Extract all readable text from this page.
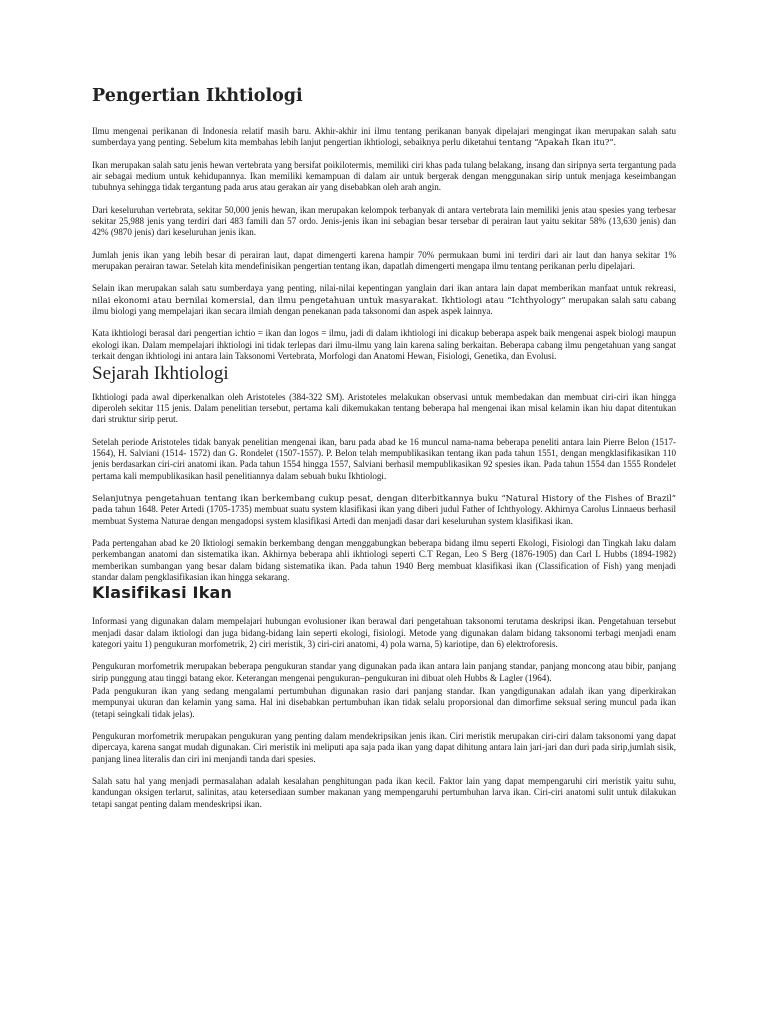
Pengertian Ikhtiologi

Ilmu mengenai perikanan di Indonesia relatif masih baru. Akhir-akhir ini ilmu tentang perikanan banyak dipelajari mengingat ikan merupakan salah satu sumberdaya yang penting. Sebelum kita membahas lebih lanjut pengertian ikhtiologi, sebaiknya perlu diketahui tentang “Apakah Ikan itu?”.

Ikan merupakan salah satu jenis hewan vertebrata yang bersifat poikilotermis, memiliki ciri khas pada tulang belakang, insang dan siripnya serta tergantung pada air sebagai medium untuk kehidupannya. Ikan memiliki kemampuan di dalam air untuk bergerak dengan menggunakan sirip untuk menjaga keseimbangan tubuhnya sehingga tidak tergantung pada arus atau gerakan air yang disebabkan oleh arah angin.

Dari keseluruhan vertebrata, sekitar 50,000 jenis hewan, ikan merupakan kelompok terbanyak di antara vertebrata lain memiliki jenis atau spesies yang terbesar sekitar 25,988 jenis yang terdiri dari 483 famili dan 57 ordo. Jenis-jenis ikan ini sebagian besar tersebar di perairan laut yaitu sekitar 58% (13,630 jenis) dan 42% (9870 jenis) dari keseluruhan jenis ikan.

Jumlah jenis ikan yang lebih besar di perairan laut, dapat dimengerti karena hampir 70% permukaan bumi ini terdiri dari air laut dan hanya sekitar 1% merupakan perairan tawar. Setelah kita mendefinisikan pengertian tentang ikan, dapatlah dimengerti mengapa ilmu tentang perikanan perlu dipelajari.

Selain ikan merupakan salah satu sumberdaya yang penting, nilai-nilai kepentingan yanglain dari ikan antara lain dapat memberikan manfaat untuk rekreasi, nilai ekonomi atau bernilai komersial, dan ilmu pengetahuan untuk masyarakat. Ikhtiologi atau “Ichthyology” merupakan salah satu cabang ilmu biologi yang mempelajari ikan secara ilmiah dengan penekanan pada taksonomi dan aspek aspek lainnya.

Kata ikhtiologi berasal dari pengertian ichtio = ikan dan logos = ilmu, jadi di dalam ikhtiologi ini dicakup beberapa aspek baik mengenai aspek biologi maupun ekologi ikan. Dalam mempelajari ihktiologi ini tidak terlepas dari ilmu-ilmu yang lain karena saling berkaitan. Beberapa cabang ilmu pengetahuan yang sangat terkait dengan ikhtiologi ini antara lain Taksonomi Vertebrata, Morfologi dan Anatomi Hewan, Fisiologi, Genetika, dan Evolusi.

Sejarah Ikhtiologi

Ikhtiologi pada awal diperkenalkan oleh Aristoteles (384-322 SM). Aristoteles melakukan observasi untuk membedakan dan membuat ciri-ciri ikan hingga diperoleh sekitar 115 jenis. Dalam penelitian tersebut, pertama kali dikemukakan tentang beberapa hal mengenai ikan misal kelamin ikan hiu dapat ditentukan dari struktur sirip perut.

Setelah periode Aristoteles tidak banyak penelitian mengenai ikan, baru pada abad ke 16 muncul nama-nama beberapa peneliti antara lain Pierre Belon (1517-1564), H. Salviani (1514- 1572) dan G. Rondelet (1507-1557). P. Belon telah mempublikasikan tentang ikan pada tahun 1551, dengan mengklasifikasikan 110 jenis berdasarkan ciri-ciri anatomi ikan. Pada tahun 1554 hingga 1557, Salviani berhasil mempublikasikan 92 spesies ikan. Pada tahun 1554 dan 1555 Rondelet pertama kali mempublikasikan hasil penelitiannya dalam sebuah buku Ikhtiologi.

Selanjutnya pengetahuan tentang ikan berkembang cukup pesat, dengan diterbitkannya buku “Natural History of the Fishes of Brazil” pada tahun 1648. Peter Artedi (1705-1735) membuat suatu system klasifikasi ikan yang diberi judul Father of Ichthyology. Akhirnya Carolus Linnaeus berhasil membuat Systema Naturae dengan mengadopsi system klasifikasi Artedi dan menjadi dasar dari keseluruhan system klasifikasi ikan.

Pada pertengahan abad ke 20 Iktiologi semakin berkembang dengan menggabungkan beberapa bidang ilmu seperti Ekologi, Fisiologi dan Tingkah laku dalam perkembangan anatomi dan sistematika ikan. Akhirnya beberapa ahli ikhtiologi seperti C.T Regan, Leo S Berg (1876-1905) dan Carl L Hubbs (1894-1982) memberikan sumbangan yang besar dalam bidang sistematika ikan. Pada tahun 1940 Berg membuat klasifikasi ikan (Classification of Fish) yang menjadi standar dalam pengklasifikasian ikan hingga sekarang.

Klasifikasi Ikan

Informasi yang digunakan dalam mempelajari hubungan evolusioner ikan berawal dari pengetahuan taksonomi terutama deskripsi ikan. Pengetahuan tersebut menjadi dasar dalam iktiologi dan juga bidang-bidang lain seperti ekologi, fisiologi. Metode yang digunakan dalam bidang taksonomi terbagi menjadi enam kategori yaitu 1) pengukuran morfometrik, 2) ciri meristik, 3) ciri-ciri anatomi, 4) pola warna, 5) kariotipe, dan 6) elektroforesis.

Pengukuran morfometrik merupakan beberapa pengukuran standar yang digunakan pada ikan antara lain panjang standar, panjang moncong atau bibir, panjang sirip punggung atau tinggi batang ekor. Keterangan mengenai pengukuran–pengukuran ini dibuat oleh Hubbs & Lagler (1964).

Pada pengukuran ikan yang sedang mengalami pertumbuhan digunakan rasio dari panjang standar. Ikan yangdigunakan adalah ikan yang diperkirakan mempunyai ukuran dan kelamin yang sama. Hal ini disebabkan pertumbuhan ikan tidak selalu proporsional dan dimorfime seksual sering muncul pada ikan (tetapi seingkali tidak jelas).

Pengukuran morfometrik merupakan pengukuran yang penting dalam mendekripsikan jenis ikan. Ciri meristik merupakan ciri-ciri dalam taksonomi yang dapat dipercaya, karena sangat mudah digunakan. Ciri meristik ini meliputi apa saja pada ikan yang dapat dihitung antara lain jari-jari dan duri pada sirip,jumlah sisik, panjang linea literalis dan ciri ini menjandi tanda dari spesies.

Salah satu hal yang menjadi permasalahan adalah kesalahan penghitungan pada ikan kecil. Faktor lain yang dapat mempengaruhi ciri meristik yaitu suhu, kandungan oksigen terlarut, salinitas, atau ketersediaan sumber makanan yang mempengaruhi pertumbuhan larva ikan. Ciri-ciri anatomi sulit untuk dilakukan tetapi sangat penting dalam mendeskripsi ikan.
